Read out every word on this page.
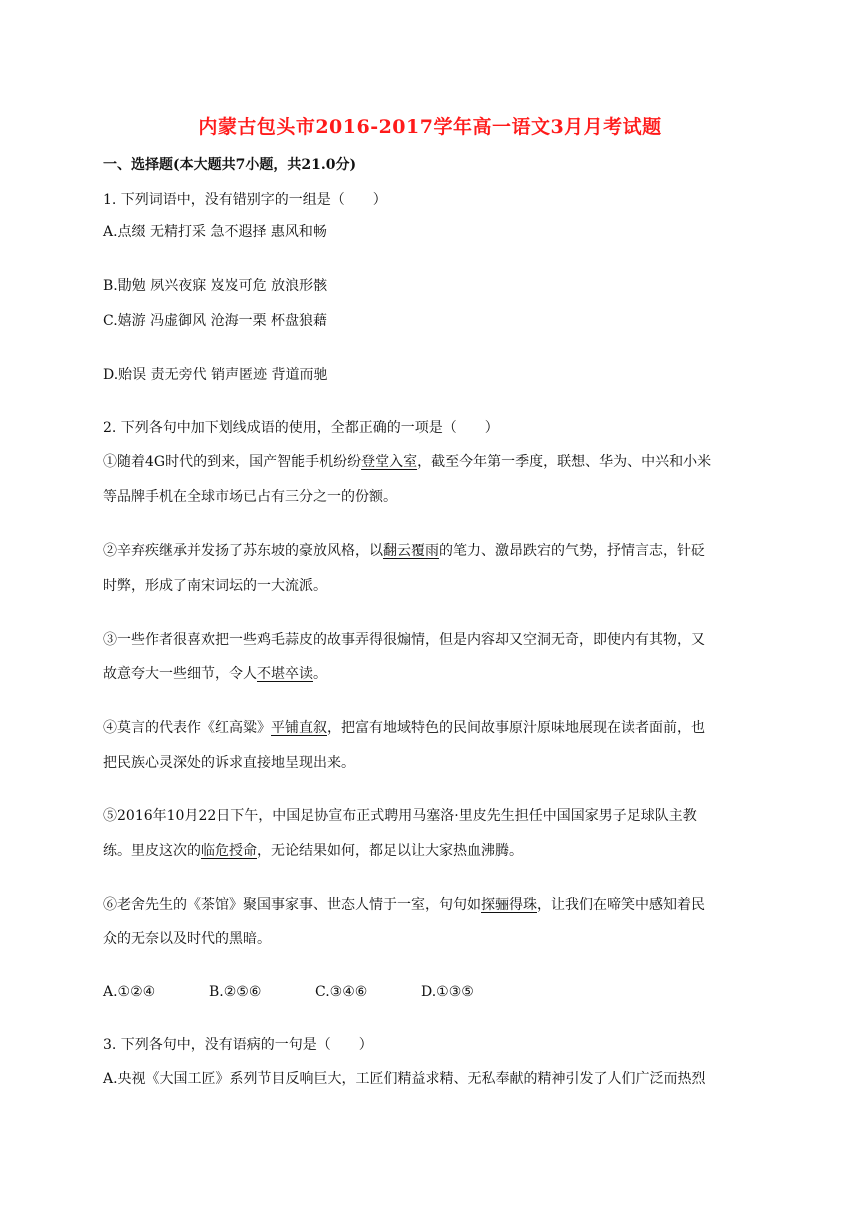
内蒙古包头市2016-2017学年高一语文3月月考试题
一、选择题(本大题共7小题，共21.0分)
1. 下列词语中，没有错别字的一组是（　　）
A.点缀 无精打采 急不遐择 惠风和畅
B.勖勉 夙兴夜寐 岌岌可危 放浪形骸
C.嬉游 冯虚御风 沧海一栗 杯盘狼藉
D.贻误 责无旁代 销声匿迹 背道而驰
2. 下列各句中加下划线成语的使用，全都正确的一项是（　　）
①随着4G时代的到来，国产智能手机纷纷登堂入室，截至今年第一季度，联想、华为、中兴和小米
等品牌手机在全球市场已占有三分之一的份额。
②辛弃疾继承并发扬了苏东坡的豪放风格，以翻云覆雨的笔力、激昂跌宕的气势，抒情言志，针砭
时弊，形成了南宋词坛的一大流派。
③一些作者很喜欢把一些鸡毛蒜皮的故事弄得很煽情，但是内容却又空洞无奇，即使内有其物，又
故意夸大一些细节，令人不堪卒读。
④莫言的代表作《红高粱》平铺直叙，把富有地域特色的民间故事原汁原味地展现在读者面前，也
把民族心灵深处的诉求直接地呈现出来。
⑤2016年10月22日下午，中国足协宣布正式聘用马塞洛·里皮先生担任中国国家男子足球队主教
练。里皮这次的临危授命，无论结果如何，都足以让大家热血沸腾。
⑥老舍先生的《茶馆》聚国事家事、世态人情于一室，句句如探骊得珠，让我们在啼笑中感知着民
众的无奈以及时代的黑暗。
A.①②④	B.②⑤⑥	C.③④⑥	D.①③⑤
3. 下列各句中，没有语病的一句是（　　）
A.央视《大国工匠》系列节目反响巨大，工匠们精益求精、无私奉献的精神引发了人们广泛而热烈
